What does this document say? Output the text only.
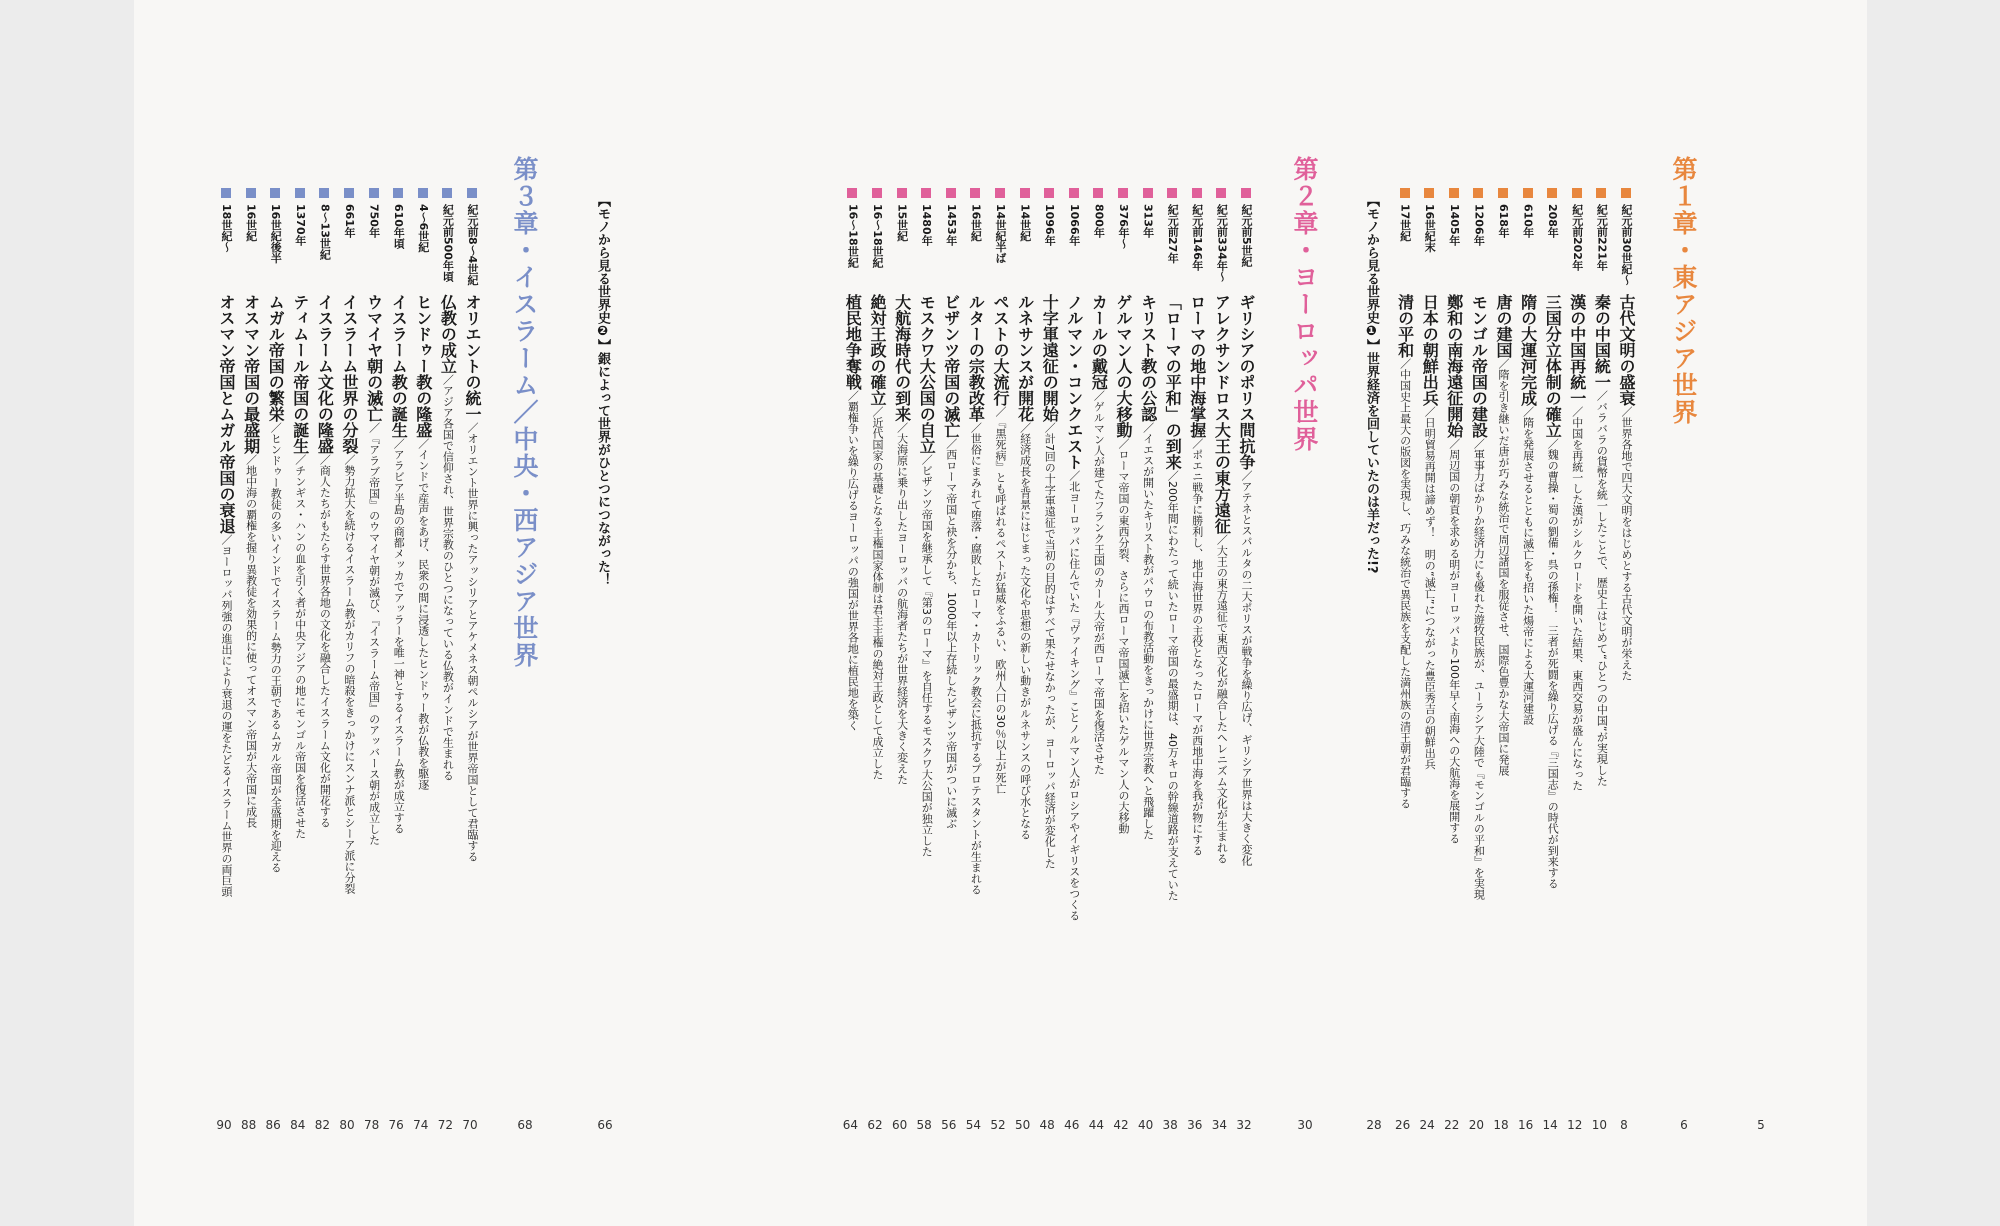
5
第１章・東アジア世界
6
紀元前30世紀～古代文明の盛衰／世界各地で四大文明をはじめとする古代文明が栄えた
8
紀元前221年秦の中国統一／バラバラの貨幣を統一したことで、歴史上はじめて“ひとつの中国”が実現した
10
紀元前202年漢の中国再統一／中国を再統一した漢がシルクロードを開いた結果、東西交易が盛んになった
12
208年三国分立体制の確立／魏の曹操・蜀の劉備・呉の孫権！　三者が死闘を繰り広げる『三国志』の時代が到来する
14
610年隋の大運河完成／隋を発展させるとともに滅亡をも招いた煬帝による大運河建設
16
618年唐の建国／隋を引き継いだ唐が巧みな統治で周辺諸国を服従させ、国際色豊かな大帝国に発展
18
1206年モンゴル帝国の建設／軍事力ばかりか経済力にも優れた遊牧民族が、ユーラシア大陸で『モンゴルの平和』を実現
20
1405年鄭和の南海遠征開始／周辺国の朝貢を求める明がヨーロッパより100年早く南海への大航海を展開する
22
16世紀末日本の朝鮮出兵／日明貿易再開は諦めず！　明の“滅亡”につながった豊臣秀吉の朝鮮出兵
24
17世紀清の平和／中国史上最大の版図を実現し、巧みな統治で異民族を支配した満州族の清王朝が君臨する
26
【モノから見る世界史❶】世界経済を回していたのは羊だった!?
28
第２章・ヨーロッパ世界
30
紀元前5世紀ギリシアのポリス間抗争／アテネとスパルタの二大ポリスが戦争を繰り広げ、ギリシア世界は大きく変化
32
紀元前334年～アレクサンドロス大王の東方遠征／大王の東方遠征で東西文化が融合したヘレニズム文化が生まれる
34
紀元前146年ローマの地中海掌握／ポエニ戦争に勝利し、地中海世界の主役となったローマが西地中海を我が物にする
36
紀元前27年「ローマの平和」の到来／200年間にわたって続いたローマ帝国の最盛期は、40万キロの幹線道路が支えていた
38
313年キリスト教の公認／イエスが開いたキリスト教がパウロの布教活動をきっかけに世界宗教へと飛躍した
40
376年～ゲルマン人の大移動／ローマ帝国の東西分裂、さらに西ローマ帝国滅亡を招いたゲルマン人の大移動
42
800年カールの戴冠／ゲルマン人が建てたフランク王国のカール大帝が西ローマ帝国を復活させた
44
1066年ノルマン・コンクエスト／北ヨーロッパに住んでいた『ヴァイキング』ことノルマン人がロシアやイギリスをつくる
46
1096年十字軍遠征の開始／計7回の十字軍遠征で当初の目的はすべて果たせなかったが、ヨーロッパ経済が変化した
48
14世紀ルネサンスが開花／経済成長を背景にはじまった文化や思想の新しい動きがルネサンスの呼び水となる
50
14世紀半ばペストの大流行／『黒死病』とも呼ばれるペストが猛威をふるい、欧州人口の30％以上が死亡
52
16世紀ルターの宗教改革／世俗にまみれて堕落・腐敗したローマ・カトリック教会に抵抗するプロテスタントが生まれる
54
1453年ビザンツ帝国の滅亡／西ローマ帝国と袂を分かち、1000年以上存続したビザンツ帝国がついに滅ぶ
56
1480年モスクワ大公国の自立／ビザンツ帝国を継承して『第3のローマ』を自任するモスクワ大公国が独立した
58
15世紀大航海時代の到来／大海原に乗り出したヨーロッパの航海者たちが世界経済を大きく変えた
60
16～18世紀絶対王政の確立／近代国家の基礎となる主権国家体制は君主主権の絶対王政として成立した
62
16～18世紀植民地争奪戦／覇権争いを繰り広げるヨーロッパの強国が世界各地に植民地を築く
64
【モノから見る世界史❷】銀によって世界がひとつにつながった！
66
第３章・イスラーム／中央・西アジア世界
68
紀元前8～4世紀オリエントの統一／オリエント世界に興ったアッシリアとアケメネス朝ペルシアが世界帝国として君臨する
70
紀元前500年頃仏教の成立／アジア各国で信仰され、世界宗教のひとつになっている仏教がインドで生まれる
72
4～6世紀ヒンドゥー教の隆盛／インドで産声をあげ、民衆の間に浸透したヒンドゥー教が仏教を駆逐
74
610年頃イスラーム教の誕生／アラビア半島の商都メッカでアッラーを唯一神とするイスラーム教が成立する
76
750年ウマイヤ朝の滅亡／『アラブ帝国』のウマイヤ朝が滅び、『イスラーム帝国』のアッバース朝が成立した
78
661年イスラーム世界の分裂／勢力拡大を続けるイスラーム教がカリフの暗殺をきっかけにスンナ派とシーア派に分裂
80
8～13世紀イスラーム文化の隆盛／商人たちがもたらす世界各地の文化を融合したイスラーム文化が開花する
82
1370年ティムール帝国の誕生／チンギス・ハンの血を引く者が中央アジアの地にモンゴル帝国を復活させた
84
16世紀後半ムガル帝国の繁栄／ヒンドゥー教徒の多いインドでイスラーム勢力の王朝であるムガル帝国が全盛期を迎える
86
16世紀オスマン帝国の最盛期／地中海の覇権を握り異教徒を効果的に使ってオスマン帝国が大帝国に成長
88
18世紀～オスマン帝国とムガル帝国の衰退／ヨーロッパ列強の進出により衰退の運をたどるイスラーム世界の両巨頭
90
